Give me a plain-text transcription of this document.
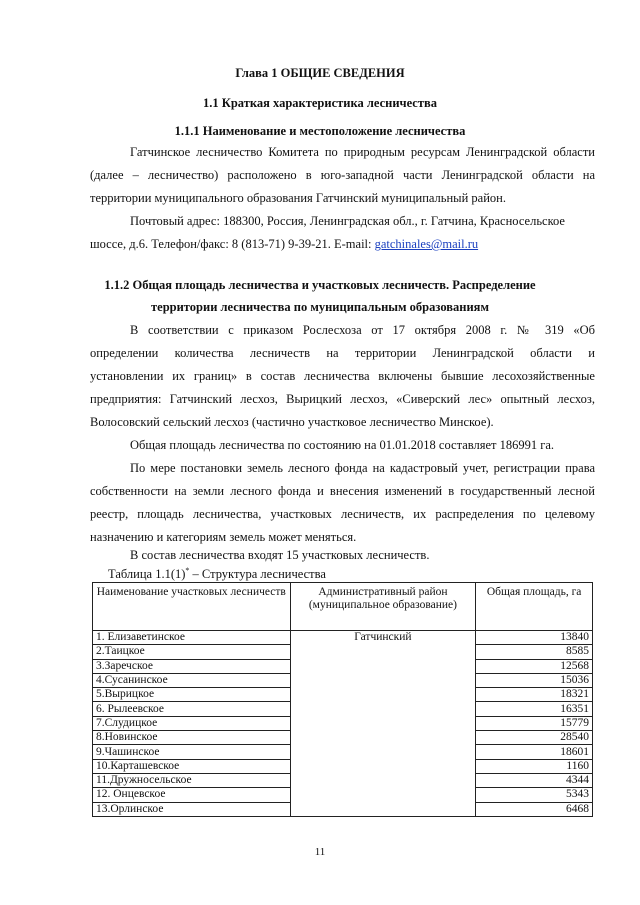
Глава 1 ОБЩИЕ СВЕДЕНИЯ
1.1 Краткая характеристика лесничества
1.1.1 Наименование и местоположение лесничества
Гатчинское лесничество Комитета по природным ресурсам Ленинградской области
(далее – лесничество) расположено в юго-западной части Ленинградской области на
территории муниципального образования Гатчинский муниципальный район.
Почтовый адрес: 188300, Россия, Ленинградская обл., г. Гатчина, Красносельское
шоссе, д.6. Телефон/факс: 8 (813-71) 9-39-21. E-mail: gatchinales@mail.ru
1.1.2 Общая площадь лесничества и участковых лесничеств. Распределение
территории лесничества по муниципальным образованиям
В соответствии с приказом Рослесхоза от 17 октября 2008 г. № 319 «Об
определении количества лесничеств на территории Ленинградской области и
установлении их границ» в состав лесничества включены бывшие лесохозяйственные
предприятия: Гатчинский лесхоз, Вырицкий лесхоз, «Сиверский лес» опытный лесхоз,
Волосовский сельский лесхоз (частично участковое лесничество Минское).
Общая площадь лесничества по состоянию на 01.01.2018 составляет 186991 га.
По мере постановки земель лесного фонда на кадастровый учет, регистрации права
собственности на земли лесного фонда и внесения изменений в государственный лесной
реестр, площадь лесничества, участковых лесничеств, их распределения по целевому
назначению и категориям земель может меняться.
В состав лесничества входят 15 участковых лесничеств.
Таблица 1.1(1)* – Структура лесничества
Наименование участковых лесничеств	Административный район (муниципальное образование)	Общая площадь, га
1. Елизаветинское	Гатчинский	13840
2.Таицкое		8585
3.Заречское		12568
4.Сусанинское		15036
5.Вырицкое		18321
6. Рылеевское		16351
7.Слудицкое		15779
8.Новинское		28540
9.Чашинское		18601
10.Карташевское		1160
11.Дружносельское		4344
12. Онцевское		5343
13.Орлинское		6468
11
